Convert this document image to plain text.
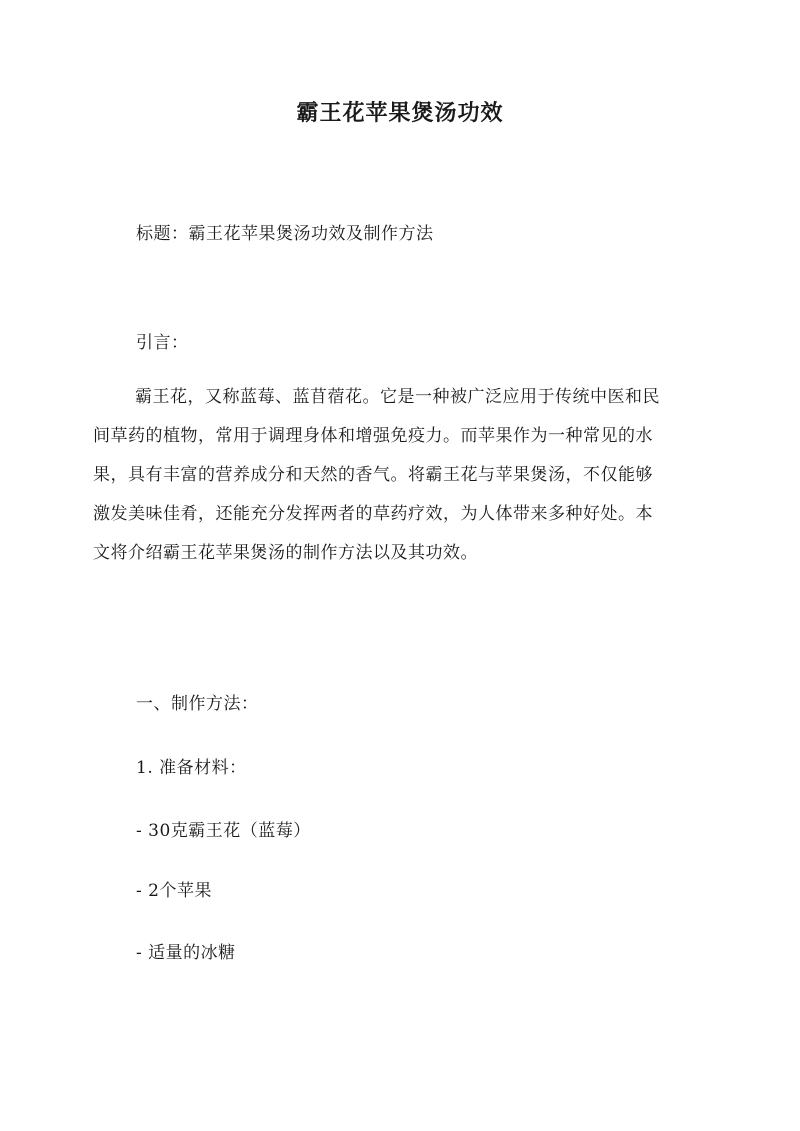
霸王花苹果煲汤功效
标题：霸王花苹果煲汤功效及制作方法
引言：
霸王花，又称蓝莓、蓝苜蓿花。它是一种被广泛应用于传统中医和民
间草药的植物，常用于调理身体和增强免疫力。而苹果作为一种常见的水
果，具有丰富的营养成分和天然的香气。将霸王花与苹果煲汤，不仅能够
激发美味佳肴，还能充分发挥两者的草药疗效，为人体带来多种好处。本
文将介绍霸王花苹果煲汤的制作方法以及其功效。
一、制作方法：
1. 准备材料：
- 30克霸王花（蓝莓）
- 2个苹果
- 适量的冰糖
